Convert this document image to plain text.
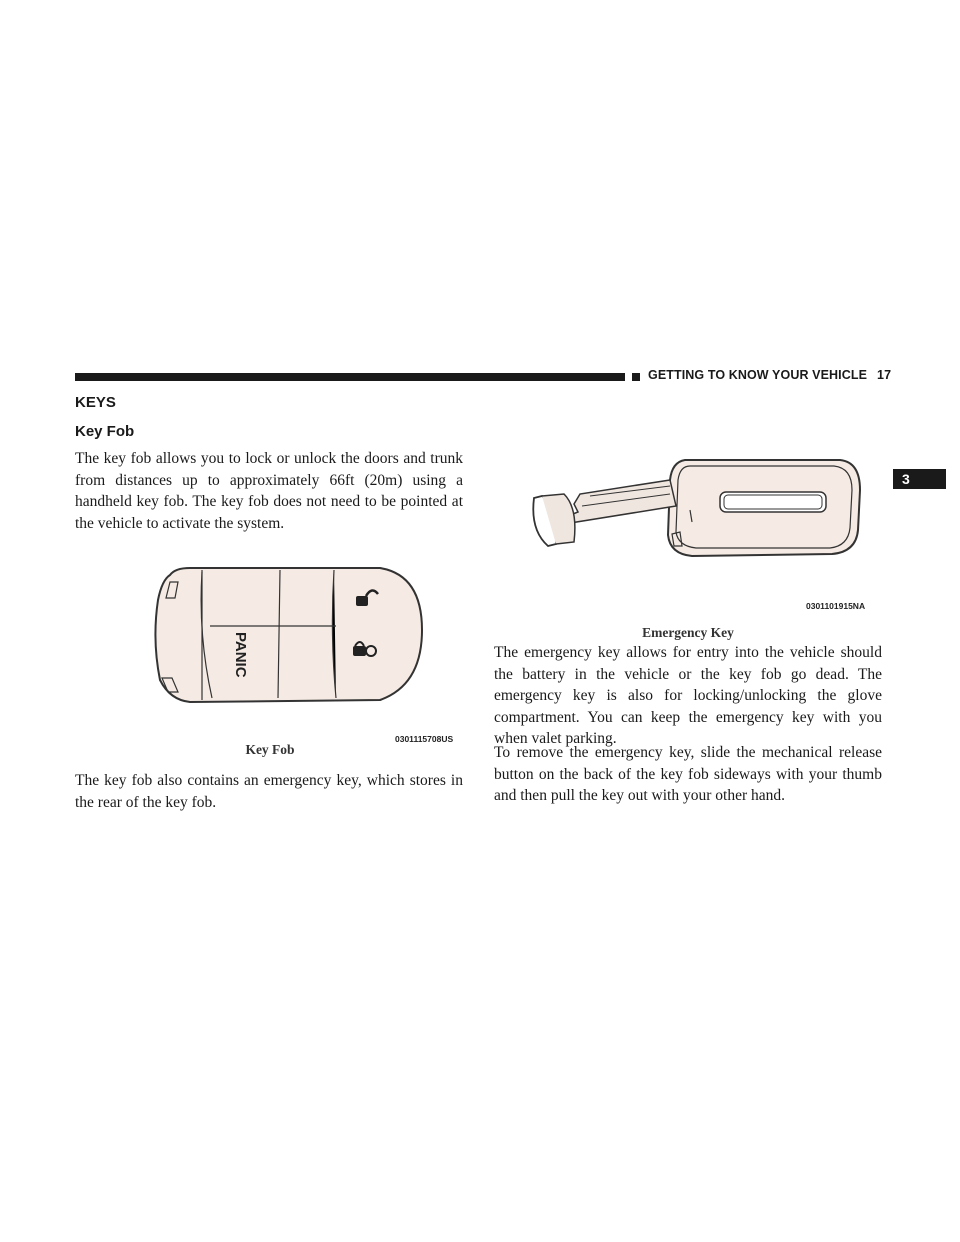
GETTING TO KNOW YOUR VEHICLE 17
3
KEYS
Key Fob

The key fob allows you to lock or unlock the doors and trunk from distances up to approximately 66ft (20m) using a handheld key fob. The key fob does not need to be pointed at the vehicle to activate the system.

PANIC
0301115708US
Key Fob

The key fob also contains an emergency key, which stores in the rear of the key fob.

0301101915NA
Emergency Key

The emergency key allows for entry into the vehicle should the battery in the vehicle or the key fob go dead. The emergency key is also for locking/unlocking the glove compartment. You can keep the emergency key with you when valet parking.

To remove the emergency key, slide the mechanical release button on the back of the key fob sideways with your thumb and then pull the key out with your other hand.
